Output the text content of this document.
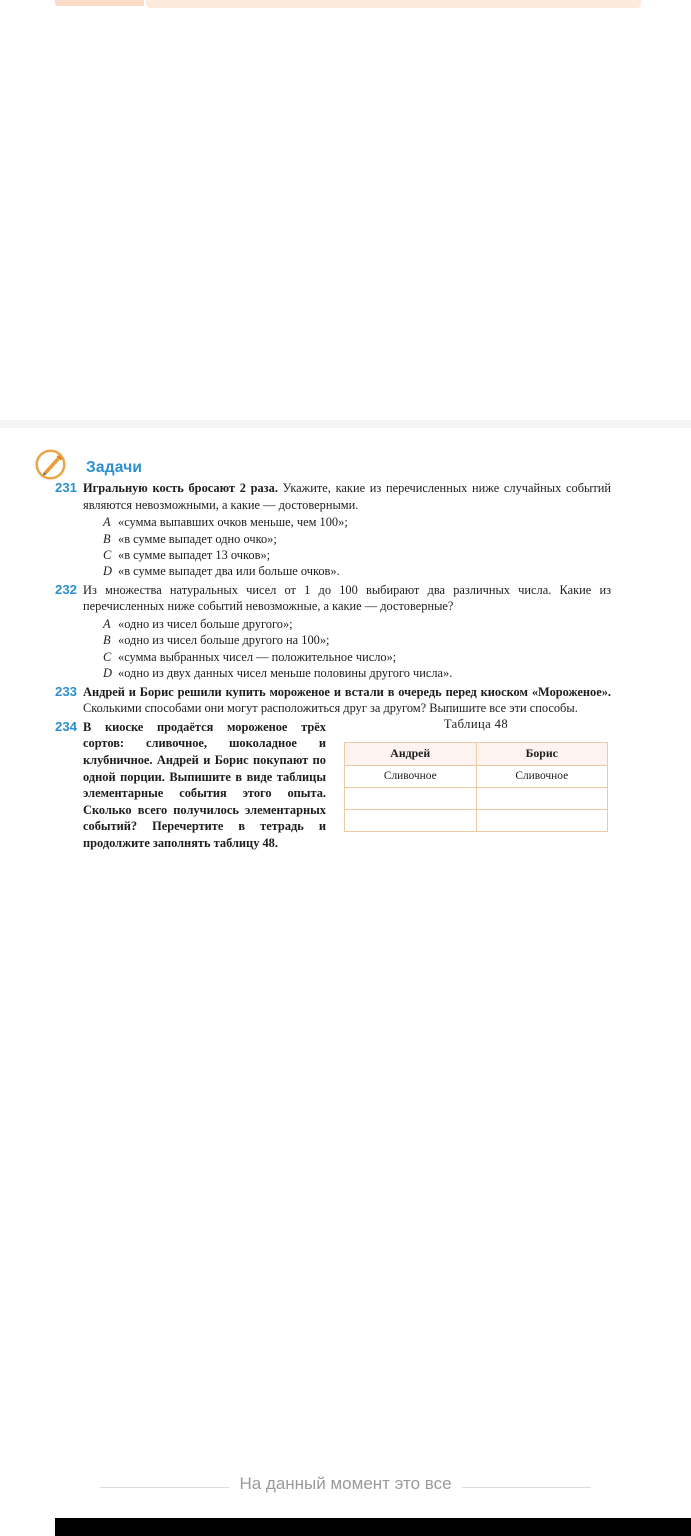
Задачи
231 Игральную кость бросают 2 раза. Укажите, какие из перечисленных ниже случайных событий являются невозможными, а какие — достоверными.
A «сумма выпавших очков меньше, чем 100»;
B «в сумме выпадет одно очко»;
C «в сумме выпадет 13 очков»;
D «в сумме выпадет два или больше очков».
232 Из множества натуральных чисел от 1 до 100 выбирают два различных числа. Какие из перечисленных ниже событий невозможные, а какие — достоверные?
A «одно из чисел больше другого»;
B «одно из чисел больше другого на 100»;
C «сумма выбранных чисел — положительное число»;
D «одно из двух данных чисел меньше половины другого числа».
233 Андрей и Борис решили купить мороженое и встали в очередь перед киоском «Мороженое». Сколькими способами они могут расположиться друг за другом? Выпишите все эти способы.
234 В киоске продаётся мороженое трёх сортов: сливочное, шоколадное и клубничное. Андрей и Борис покупают по одной порции. Выпишите в виде таблицы элементарные события этого опыта. Сколько всего получилось элементарных событий? Перечертите в тетрадь и продолжите заполнять таблицу 48.
Таблица 48
Андрей	Борис
Сливочное	Сливочное

На данный момент это все
